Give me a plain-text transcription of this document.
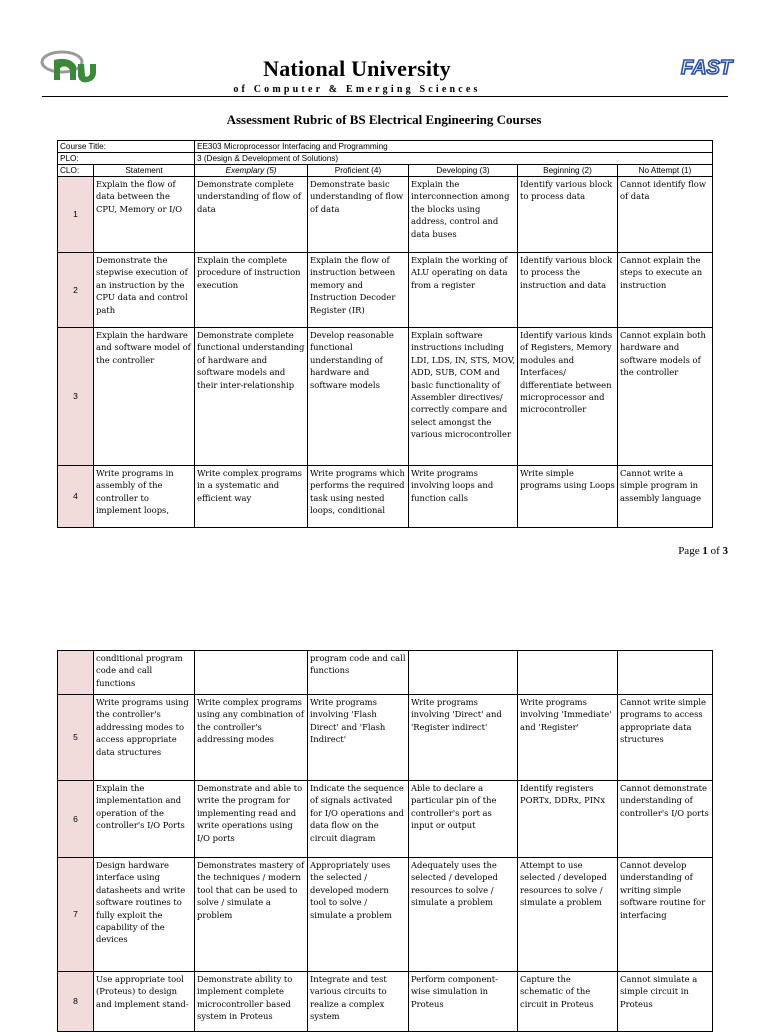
National University
of Computer & Emerging Sciences
FAST
Assessment Rubric of BS Electrical Engineering Courses
Course Title:		EE303 Microprocessor Interfacing and Programming				
PLO:		3 (Design & Development of Solutions)				
CLO:	Statement	Exemplary (5)	Proficient (4)	Developing (3)	Beginning (2)	No Attempt (1)
1	Explain the flow of data between the CPU, Memory or I/O	Demonstrate complete understanding of flow of data	Demonstrate basic understanding of flow of data	Explain the interconnection among the blocks using address, control and data buses	Identify various block to process data	Cannot identify flow of data
2	Demonstrate the stepwise execution of an instruction by the CPU data and control path	Explain the complete procedure of instruction execution	Explain the flow of instruction between memory and Instruction Decoder Register (IR)	Explain the working of ALU operating on data from a register	Identify various block to process the instruction and data	Cannot explain the steps to execute an instruction
3	Explain the hardware and software model of the controller	Demonstrate complete functional understanding of hardware and software models and their inter-relationship	Develop reasonable functional understanding of hardware and software models	Explain software instructions including LDI, LDS, IN, STS, MOV, ADD, SUB, COM and basic functionality of Assembler directives/ correctly compare and select amongst the various microcontroller	Identify various kinds of Registers, Memory modules and Interfaces/ differentiate between microprocessor and microcontroller	Cannot explain both hardware and software models of the controller
4	Write programs in assembly of the controller to implement loops,	Write complex programs in a systematic and efficient way	Write programs which performs the required task using nested loops, conditional	Write programs involving loops and function calls	Write simple programs using Loops	Cannot write a simple program in assembly language
Page 1 of 3
	conditional program code and call functions		program code and call functions			
5	Write programs using the controller's addressing modes to access appropriate data structures	Write complex programs using any combination of the controller's addressing modes	Write programs involving 'Flash Direct' and 'Flash Indirect'	Write programs involving 'Direct' and 'Register indirect'	Write programs involving 'Immediate' and 'Register'	Cannot write simple programs to access appropriate data structures
6	Explain the implementation and operation of the controller's I/O Ports	Demonstrate and able to write the program for implementing read and write operations using I/O ports	Indicate the sequence of signals activated for I/O operations and data flow on the circuit diagram	Able to declare a particular pin of the controller's port as input or output	Identify registers PORTx, DDRx, PINx	Cannot demonstrate understanding of controller's I/O ports
7	Design hardware interface using datasheets and write software routines to fully exploit the capability of the devices	Demonstrates mastery of the techniques / modern tool that can be used to solve / simulate a problem	Appropriately uses the selected / developed modern tool to solve / simulate a problem	Adequately uses the selected / developed resources to solve / simulate a problem	Attempt to use selected / developed resources to solve / simulate a problem	Cannot develop understanding of writing simple software routine for interfacing
8	Use appropriate tool (Proteus) to design and implement stand-	Demonstrate ability to implement complete microcontroller based system in Proteus	Integrate and test various circuits to realize a complex system	Perform component-wise simulation in Proteus	Capture the schematic of the circuit in Proteus	Cannot simulate a simple circuit in Proteus
